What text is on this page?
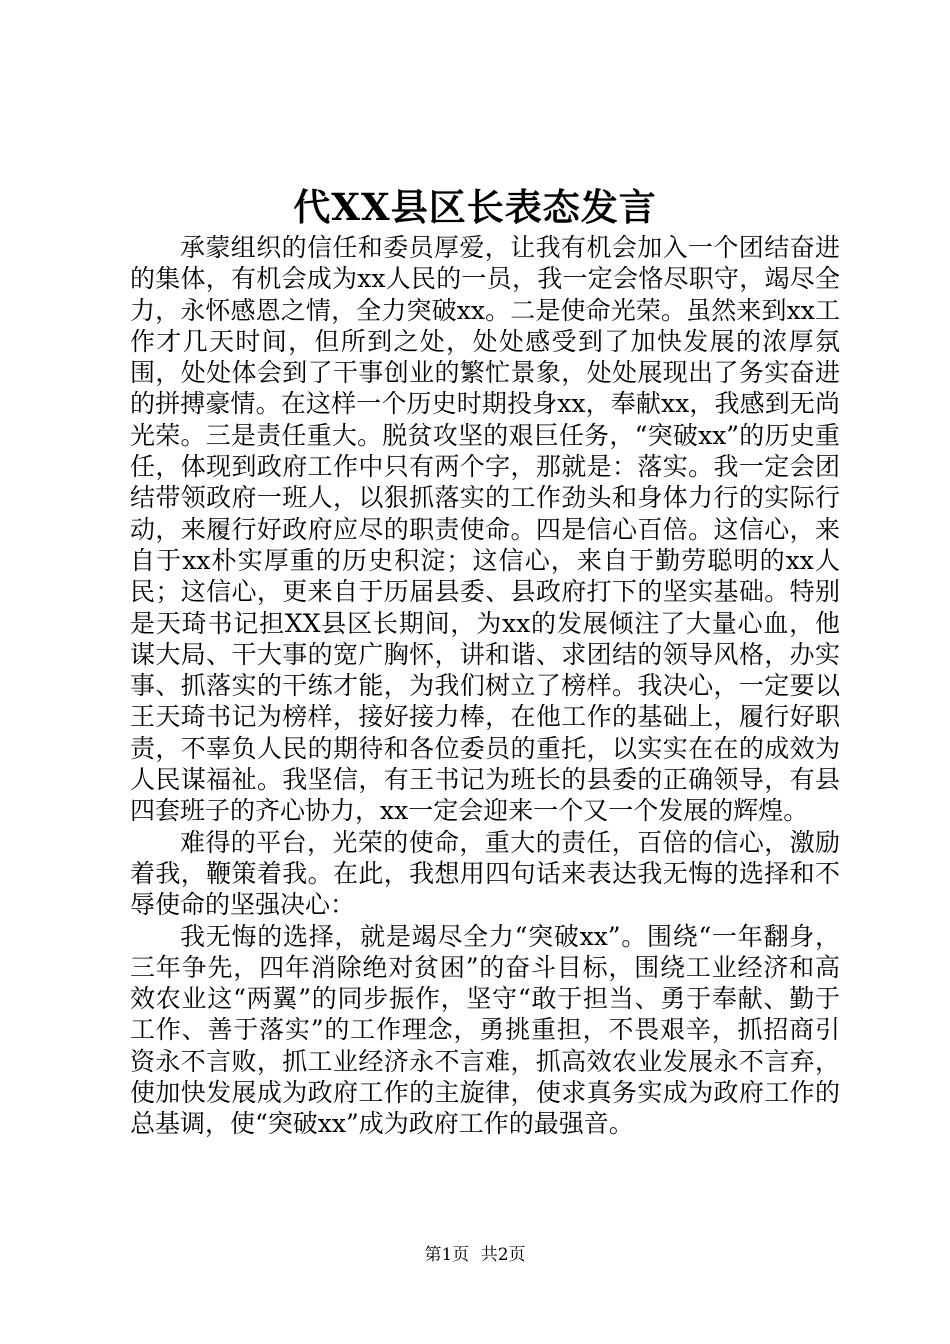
代XX县区长表态发言

承蒙组织的信任和委员厚爱，让我有机会加入一个团结奋进的集体，有机会成为xx人民的一员，我一定会恪尽职守，竭尽全力，永怀感恩之情，全力突破xx。二是使命光荣。虽然来到xx工作才几天时间，但所到之处，处处感受到了加快发展的浓厚氛围，处处体会到了干事创业的繁忙景象，处处展现出了务实奋进的拼搏豪情。在这样一个历史时期投身xx，奉献xx，我感到无尚光荣。三是责任重大。脱贫攻坚的艰巨任务，“突破xx”的历史重任，体现到政府工作中只有两个字，那就是：落实。我一定会团结带领政府一班人，以狠抓落实的工作劲头和身体力行的实际行动，来履行好政府应尽的职责使命。四是信心百倍。这信心，来自于xx朴实厚重的历史积淀；这信心，来自于勤劳聪明的xx人民；这信心，更来自于历届县委、县政府打下的坚实基础。特别是天琦书记担XX县区长期间，为xx的发展倾注了大量心血，他谋大局、干大事的宽广胸怀，讲和谐、求团结的领导风格，办实事、抓落实的干练才能，为我们树立了榜样。我决心，一定要以王天琦书记为榜样，接好接力棒，在他工作的基础上，履行好职责，不辜负人民的期待和各位委员的重托，以实实在在的成效为人民谋福祉。我坚信，有王书记为班长的县委的正确领导，有县四套班子的齐心协力，xx一定会迎来一个又一个发展的辉煌。

难得的平台，光荣的使命，重大的责任，百倍的信心，激励着我，鞭策着我。在此，我想用四句话来表达我无悔的选择和不辱使命的坚强决心：

我无悔的选择，就是竭尽全力“突破xx”。围绕“一年翻身，三年争先，四年消除绝对贫困”的奋斗目标，围绕工业经济和高效农业这“两翼”的同步振作，坚守“敢于担当、勇于奉献、勤于工作、善于落实”的工作理念，勇挑重担，不畏艰辛，抓招商引资永不言败，抓工业经济永不言难，抓高效农业发展永不言弃，使加快发展成为政府工作的主旋律，使求真务实成为政府工作的总基调，使“突破xx”成为政府工作的最强音。

第1页 共2页
